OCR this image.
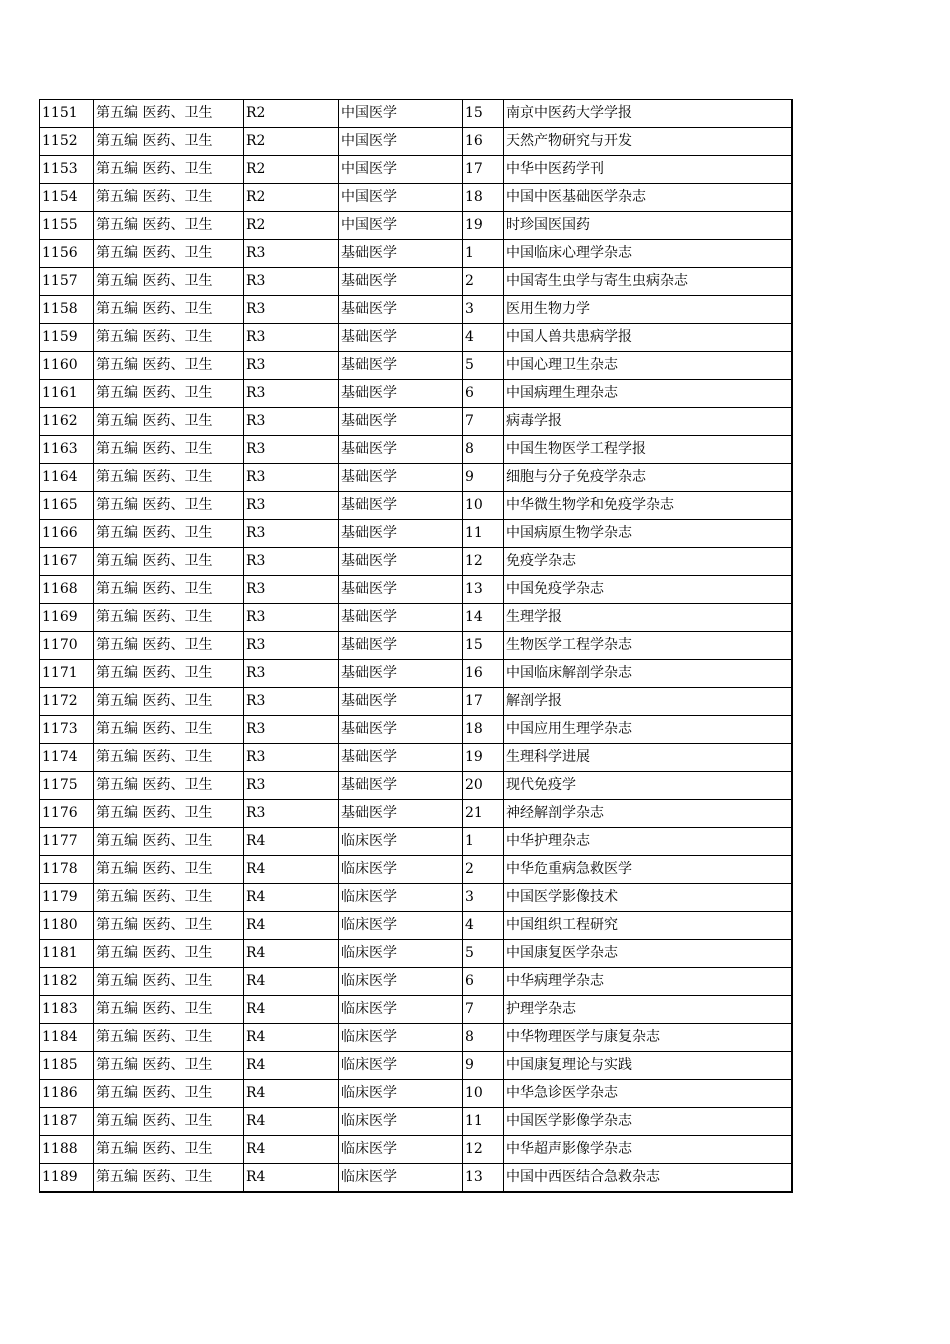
1151	第五编 医药、卫生	R2	中国医学	15	南京中医药大学学报
1152	第五编 医药、卫生	R2	中国医学	16	天然产物研究与开发
1153	第五编 医药、卫生	R2	中国医学	17	中华中医药学刊
1154	第五编 医药、卫生	R2	中国医学	18	中国中医基础医学杂志
1155	第五编 医药、卫生	R2	中国医学	19	时珍国医国药
1156	第五编 医药、卫生	R3	基础医学	1	中国临床心理学杂志
1157	第五编 医药、卫生	R3	基础医学	2	中国寄生虫学与寄生虫病杂志
1158	第五编 医药、卫生	R3	基础医学	3	医用生物力学
1159	第五编 医药、卫生	R3	基础医学	4	中国人兽共患病学报
1160	第五编 医药、卫生	R3	基础医学	5	中国心理卫生杂志
1161	第五编 医药、卫生	R3	基础医学	6	中国病理生理杂志
1162	第五编 医药、卫生	R3	基础医学	7	病毒学报
1163	第五编 医药、卫生	R3	基础医学	8	中国生物医学工程学报
1164	第五编 医药、卫生	R3	基础医学	9	细胞与分子免疫学杂志
1165	第五编 医药、卫生	R3	基础医学	10	中华微生物学和免疫学杂志
1166	第五编 医药、卫生	R3	基础医学	11	中国病原生物学杂志
1167	第五编 医药、卫生	R3	基础医学	12	免疫学杂志
1168	第五编 医药、卫生	R3	基础医学	13	中国免疫学杂志
1169	第五编 医药、卫生	R3	基础医学	14	生理学报
1170	第五编 医药、卫生	R3	基础医学	15	生物医学工程学杂志
1171	第五编 医药、卫生	R3	基础医学	16	中国临床解剖学杂志
1172	第五编 医药、卫生	R3	基础医学	17	解剖学报
1173	第五编 医药、卫生	R3	基础医学	18	中国应用生理学杂志
1174	第五编 医药、卫生	R3	基础医学	19	生理科学进展
1175	第五编 医药、卫生	R3	基础医学	20	现代免疫学
1176	第五编 医药、卫生	R3	基础医学	21	神经解剖学杂志
1177	第五编 医药、卫生	R4	临床医学	1	中华护理杂志
1178	第五编 医药、卫生	R4	临床医学	2	中华危重病急救医学
1179	第五编 医药、卫生	R4	临床医学	3	中国医学影像技术
1180	第五编 医药、卫生	R4	临床医学	4	中国组织工程研究
1181	第五编 医药、卫生	R4	临床医学	5	中国康复医学杂志
1182	第五编 医药、卫生	R4	临床医学	6	中华病理学杂志
1183	第五编 医药、卫生	R4	临床医学	7	护理学杂志
1184	第五编 医药、卫生	R4	临床医学	8	中华物理医学与康复杂志
1185	第五编 医药、卫生	R4	临床医学	9	中国康复理论与实践
1186	第五编 医药、卫生	R4	临床医学	10	中华急诊医学杂志
1187	第五编 医药、卫生	R4	临床医学	11	中国医学影像学杂志
1188	第五编 医药、卫生	R4	临床医学	12	中华超声影像学杂志
1189	第五编 医药、卫生	R4	临床医学	13	中国中西医结合急救杂志
